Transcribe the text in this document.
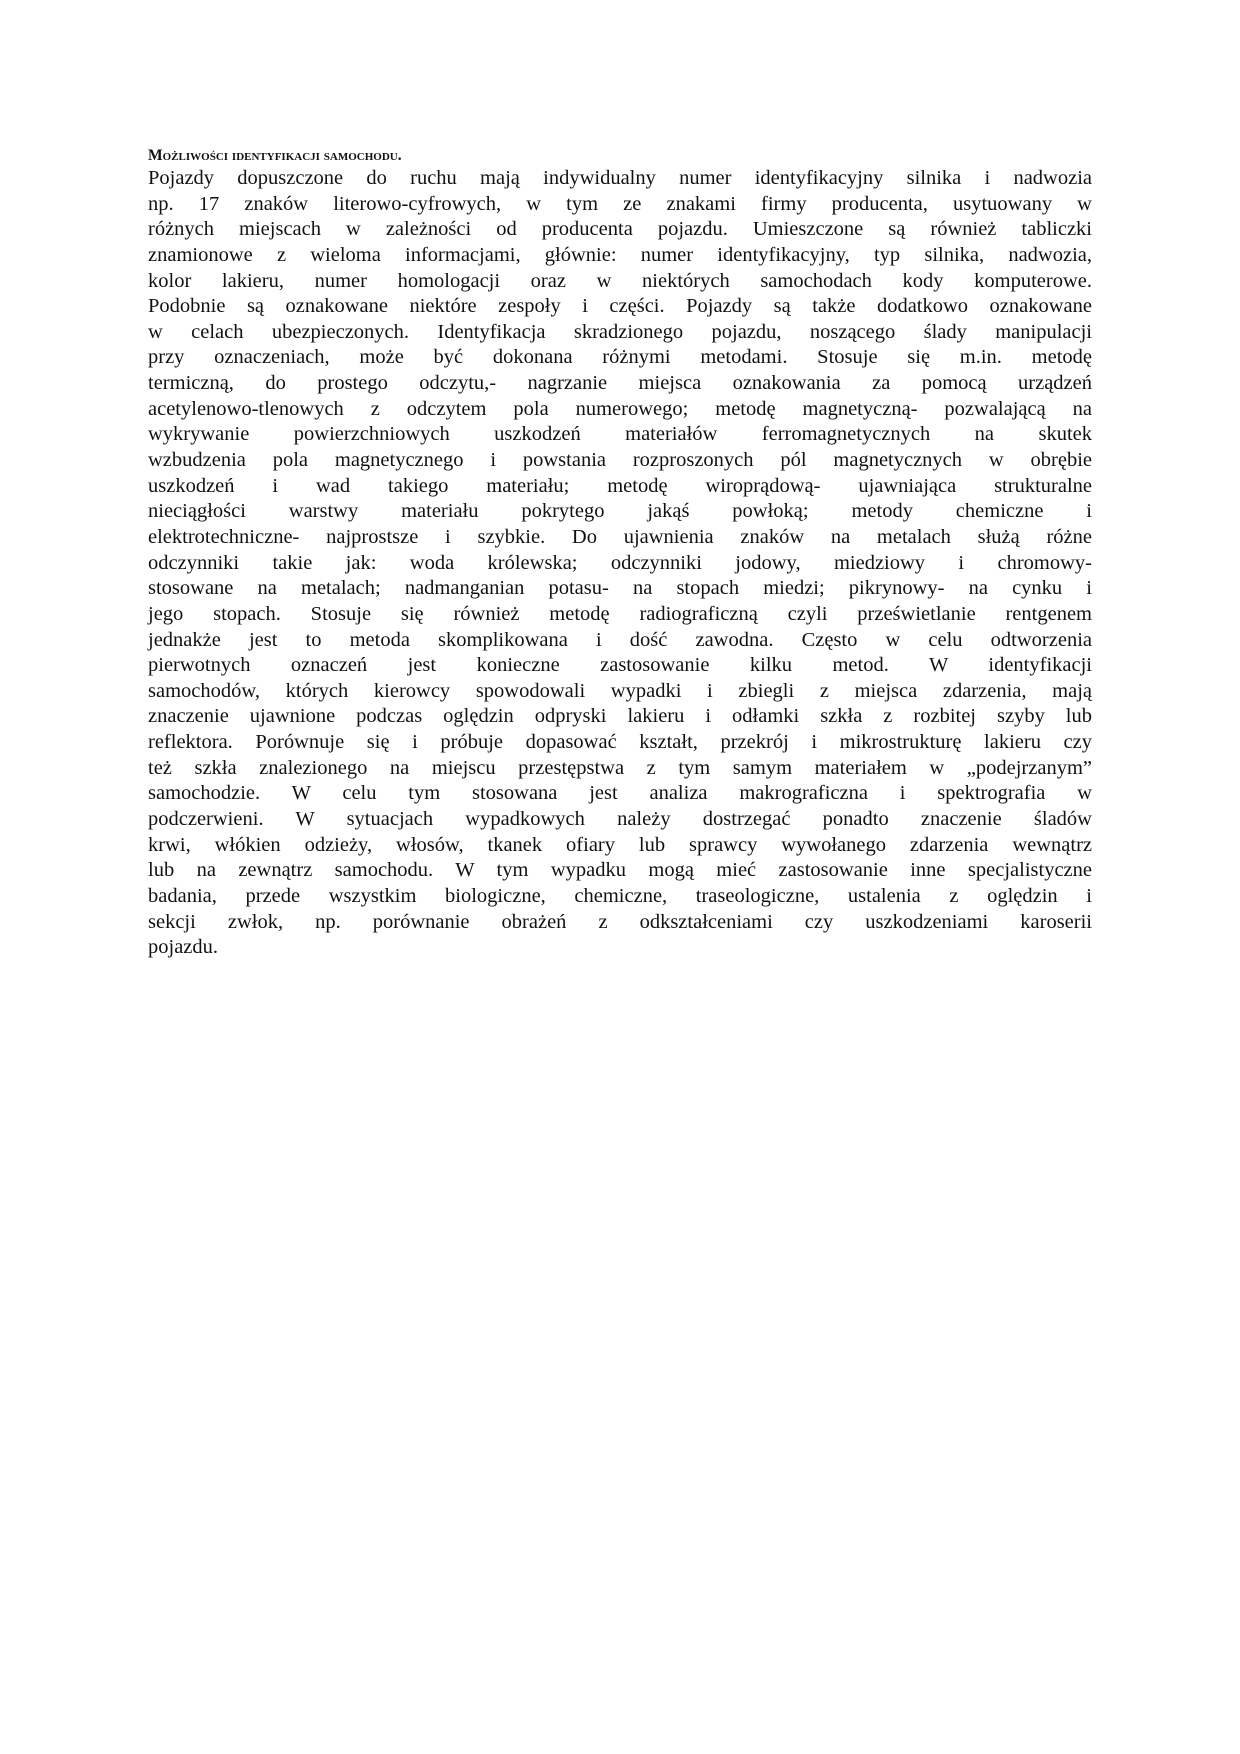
Możliwości identyfikacji samochodu.
Pojazdy dopuszczone do ruchu mają indywidualny numer identyfikacyjny silnika i nadwozia
np. 17 znaków literowo-cyfrowych, w tym ze znakami firmy producenta, usytuowany w
różnych miejscach w zależności od producenta pojazdu. Umieszczone są również tabliczki
znamionowe z wieloma informacjami, głównie: numer identyfikacyjny, typ silnika, nadwozia,
kolor lakieru, numer homologacji oraz w niektórych samochodach kody komputerowe.
Podobnie są oznakowane niektóre zespoły i części. Pojazdy są także dodatkowo oznakowane
w celach ubezpieczonych. Identyfikacja skradzionego pojazdu, noszącego ślady manipulacji
przy oznaczeniach, może być dokonana różnymi metodami. Stosuje się m.in. metodę
termiczną, do prostego odczytu,- nagrzanie miejsca oznakowania za pomocą urządzeń
acetylenowo-tlenowych z odczytem pola numerowego; metodę magnetyczną- pozwalającą na
wykrywanie powierzchniowych uszkodzeń materiałów ferromagnetycznych na skutek
wzbudzenia pola magnetycznego i powstania rozproszonych pól magnetycznych w obrębie
uszkodzeń i wad takiego materiału; metodę wiroprądową- ujawniająca strukturalne
nieciągłości warstwy materiału pokrytego jakąś powłoką; metody chemiczne i
elektrotechniczne- najprostsze i szybkie. Do ujawnienia znaków na metalach służą różne
odczynniki takie jak: woda królewska; odczynniki jodowy, miedziowy i chromowy-
stosowane na metalach; nadmanganian potasu- na stopach miedzi; pikrynowy- na cynku i
jego stopach. Stosuje się również metodę radiograficzną czyli prześwietlanie rentgenem
jednakże jest to metoda skomplikowana i dość zawodna. Często w celu odtworzenia
pierwotnych oznaczeń jest konieczne zastosowanie kilku metod. W identyfikacji
samochodów, których kierowcy spowodowali wypadki i zbiegli z miejsca zdarzenia, mają
znaczenie ujawnione podczas oględzin odpryski lakieru i odłamki szkła z rozbitej szyby lub
reflektora. Porównuje się i próbuje dopasować kształt, przekrój i mikrostrukturę lakieru czy
też szkła znalezionego na miejscu przestępstwa z tym samym materiałem w „podejrzanym”
samochodzie. W celu tym stosowana jest analiza makrograficzna i spektrografia w
podczerwieni. W sytuacjach wypadkowych należy dostrzegać ponadto znaczenie śladów
krwi, włókien odzieży, włosów, tkanek ofiary lub sprawcy wywołanego zdarzenia wewnątrz
lub na zewnątrz samochodu. W tym wypadku mogą mieć zastosowanie inne specjalistyczne
badania, przede wszystkim biologiczne, chemiczne, traseologiczne, ustalenia z oględzin i
sekcji zwłok, np. porównanie obrażeń z odkształceniami czy uszkodzeniami karoserii
pojazdu.
